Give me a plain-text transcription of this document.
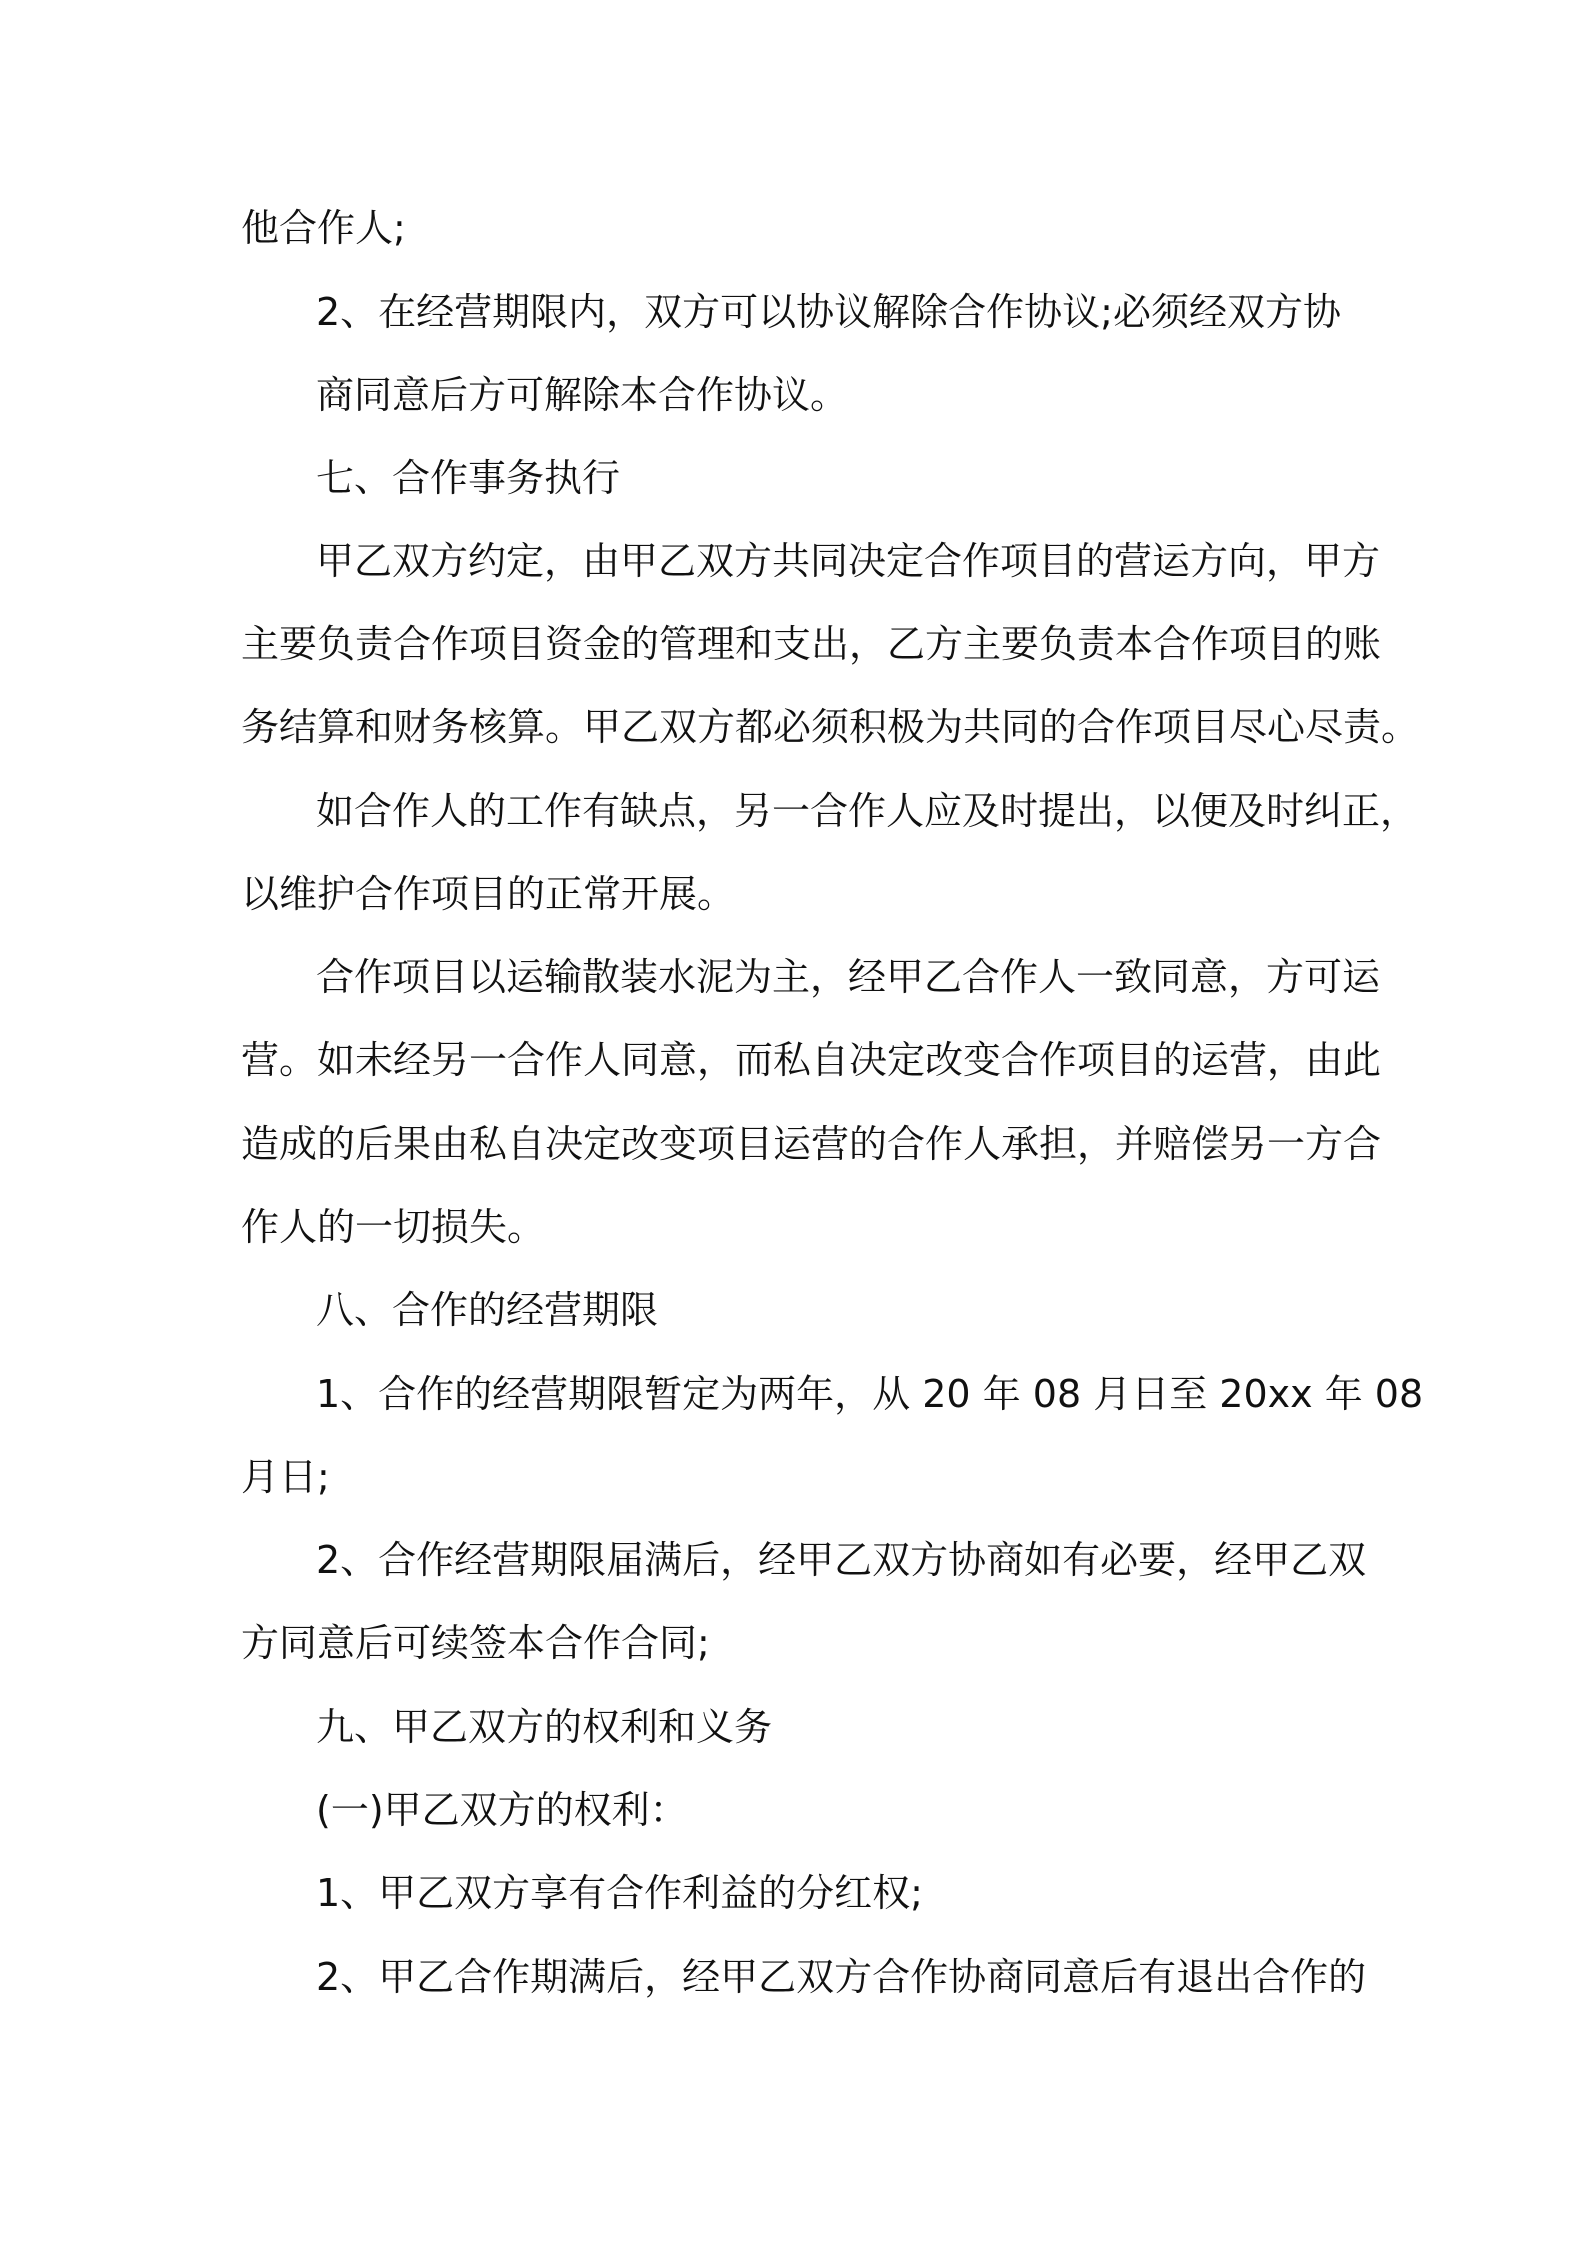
他合作人;
2、在经营期限内，双方可以协议解除合作协议;必须经双方协
商同意后方可解除本合作协议。
七、合作事务执行
甲乙双方约定，由甲乙双方共同决定合作项目的营运方向，甲方
主要负责合作项目资金的管理和支出，乙方主要负责本合作项目的账
务结算和财务核算。甲乙双方都必须积极为共同的合作项目尽心尽责。
如合作人的工作有缺点，另一合作人应及时提出，以便及时纠正，
以维护合作项目的正常开展。
合作项目以运输散装水泥为主，经甲乙合作人一致同意，方可运
营。如未经另一合作人同意，而私自决定改变合作项目的运营，由此
造成的后果由私自决定改变项目运营的合作人承担，并赔偿另一方合
作人的一切损失。
八、合作的经营期限
1、合作的经营期限暂定为两年，从 20 年 08 月日至 20xx 年 08
月日;
2、合作经营期限届满后，经甲乙双方协商如有必要，经甲乙双
方同意后可续签本合作合同;
九、甲乙双方的权利和义务
(一)甲乙双方的权利：
1、甲乙双方享有合作利益的分红权;
2、甲乙合作期满后，经甲乙双方合作协商同意后有退出合作的
